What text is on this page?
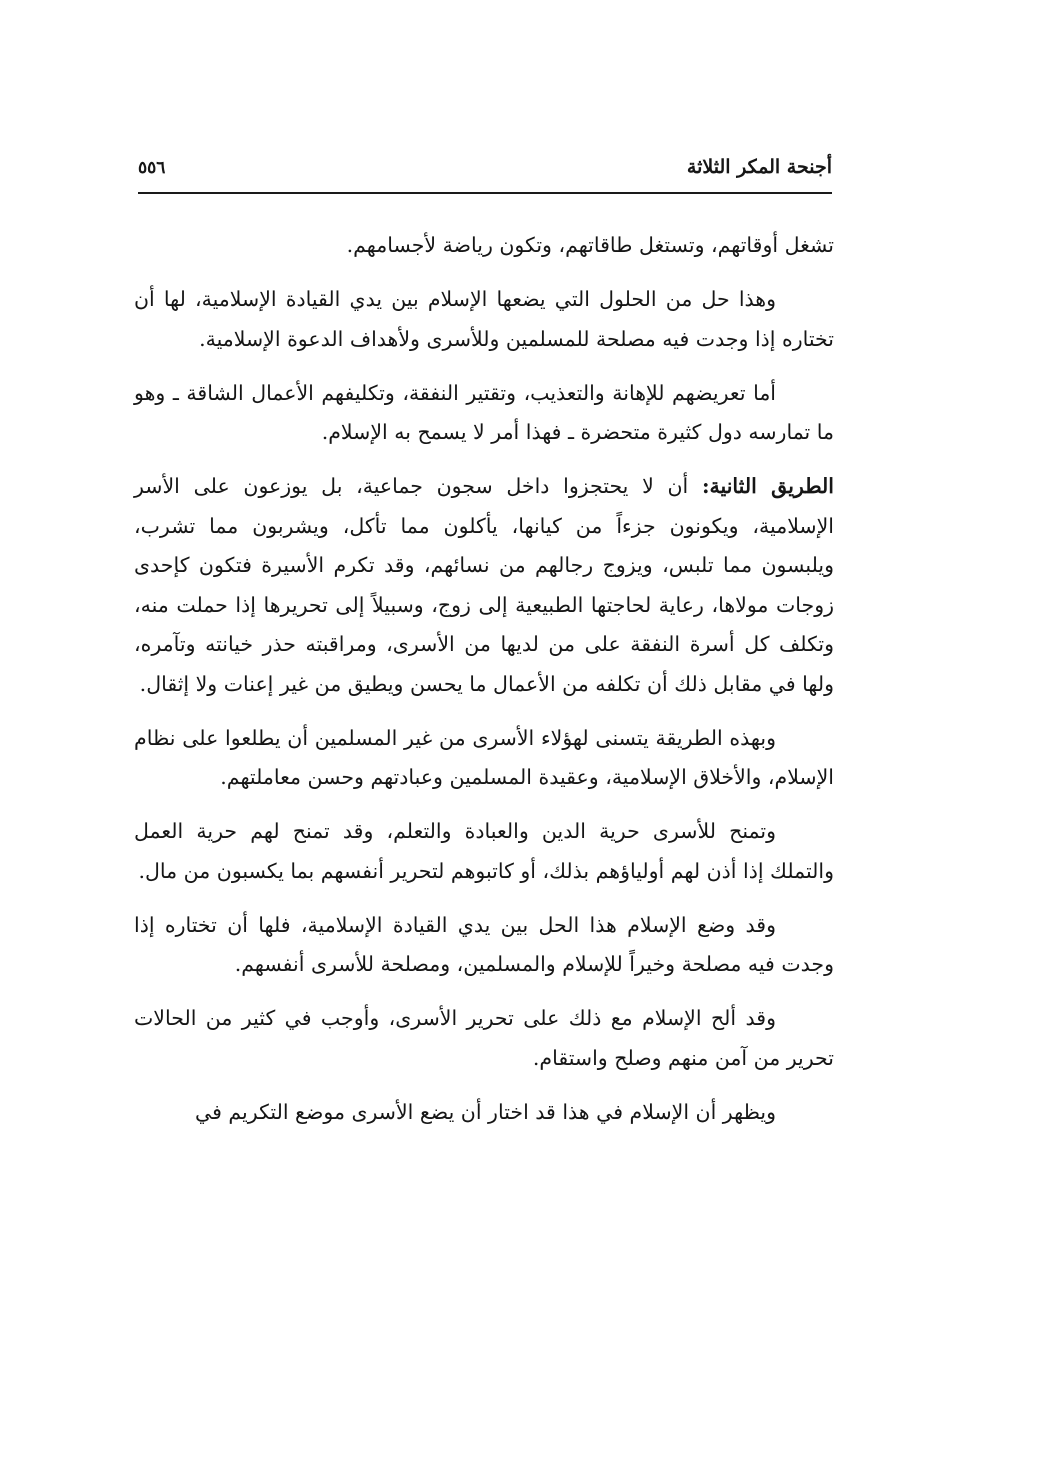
أجنحة المكر الثلاثة
٥٥٦

تشغل أوقاتهم، وتستغل طاقاتهم، وتكون رياضة لأجسامهم.

وهذا حل من الحلول التي يضعها الإسلام بين يدي القيادة الإسلامية، لها أن تختاره إذا وجدت فيه مصلحة للمسلمين وللأسرى ولأهداف الدعوة الإسلامية.

أما تعريضهم للإهانة والتعذيب، وتقتير النفقة، وتكليفهم الأعمال الشاقة ـ وهو ما تمارسه دول كثيرة متحضرة ـ فهذا أمر لا يسمح به الإسلام.

الطريق الثانية: أن لا يحتجزوا داخل سجون جماعية، بل يوزعون على الأسر الإسلامية، ويكونون جزءاً من كيانها، يأكلون مما تأكل، ويشربون مما تشرب، ويلبسون مما تلبس، ويزوج رجالهم من نسائهم، وقد تكرم الأسيرة فتكون كإحدى زوجات مولاها، رعاية لحاجتها الطبيعية إلى زوج، وسبيلاً إلى تحريرها إذا حملت منه، وتكلف كل أسرة النفقة على من لديها من الأسرى، ومراقبته حذر خيانته وتآمره، ولها في مقابل ذلك أن تكلفه من الأعمال ما يحسن ويطيق من غير إعنات ولا إثقال.

وبهذه الطريقة يتسنى لهؤلاء الأسرى من غير المسلمين أن يطلعوا على نظام الإسلام، والأخلاق الإسلامية، وعقيدة المسلمين وعبادتهم وحسن معاملتهم.

وتمنح للأسرى حرية الدين والعبادة والتعلم، وقد تمنح لهم حرية العمل والتملك إذا أذن لهم أولياؤهم بذلك، أو كاتبوهم لتحرير أنفسهم بما يكسبون من مال.

وقد وضع الإسلام هذا الحل بين يدي القيادة الإسلامية، فلها أن تختاره إذا وجدت فيه مصلحة وخيراً للإسلام والمسلمين، ومصلحة للأسرى أنفسهم.

وقد ألح الإسلام مع ذلك على تحرير الأسرى، وأوجب في كثير من الحالات تحرير من آمن منهم وصلح واستقام.

ويظهر أن الإسلام في هذا قد اختار أن يضع الأسرى موضع التكريم في
